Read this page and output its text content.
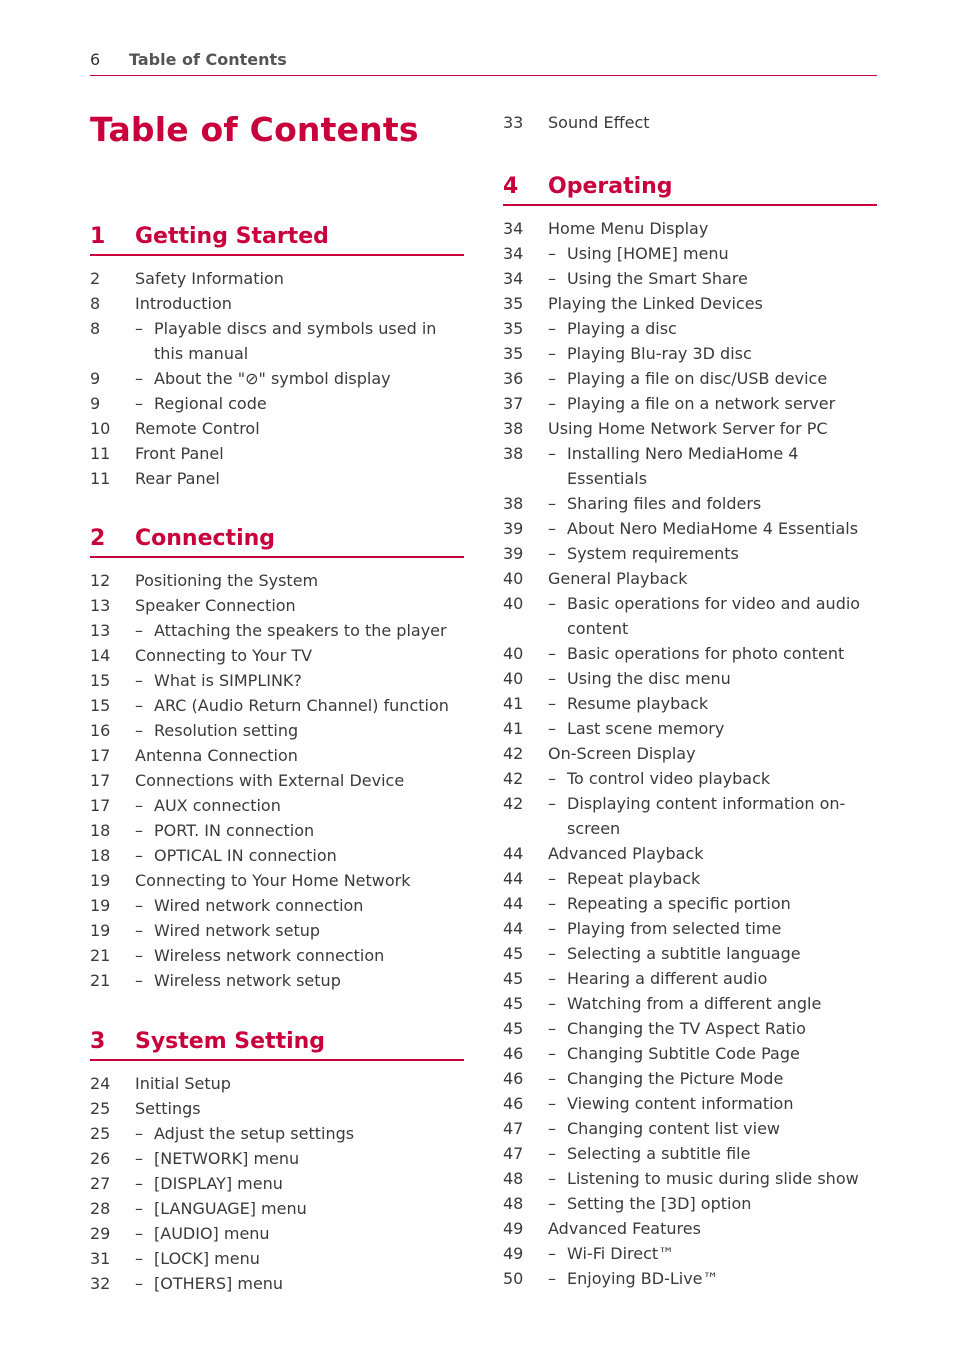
6 Table of Contents
Table of Contents
1 Getting Started
2	Safety Information
8	Introduction
8	– Playable discs and symbols used in this manual
9	– About the "⊘" symbol display
9	– Regional code
10	Remote Control
11	Front Panel
11	Rear Panel
2 Connecting
12	Positioning the System
13	Speaker Connection
13	– Attaching the speakers to the player
14	Connecting to Your TV
15	– What is SIMPLINK?
15	– ARC (Audio Return Channel) function
16	– Resolution setting
17	Antenna Connection
17	Connections with External Device
17	– AUX connection
18	– PORT. IN connection
18	– OPTICAL IN connection
19	Connecting to Your Home Network
19	– Wired network connection
19	– Wired network setup
21	– Wireless network connection
21	– Wireless network setup
3 System Setting
24	Initial Setup
25	Settings
25	– Adjust the setup settings
26	– [NETWORK] menu
27	– [DISPLAY] menu
28	– [LANGUAGE] menu
29	– [AUDIO] menu
31	– [LOCK] menu
32	– [OTHERS] menu
33	Sound Effect
4 Operating
34	Home Menu Display
34	– Using [HOME] menu
34	– Using the Smart Share
35	Playing the Linked Devices
35	– Playing a disc
35	– Playing Blu-ray 3D disc
36	– Playing a file on disc/USB device
37	– Playing a file on a network server
38	Using Home Network Server for PC
38	– Installing Nero MediaHome 4 Essentials
38	– Sharing files and folders
39	– About Nero MediaHome 4 Essentials
39	– System requirements
40	General Playback
40	– Basic operations for video and audio content
40	– Basic operations for photo content
40	– Using the disc menu
41	– Resume playback
41	– Last scene memory
42	On-Screen Display
42	– To control video playback
42	– Displaying content information on-screen
44	Advanced Playback
44	– Repeat playback
44	– Repeating a specific portion
44	– Playing from selected time
45	– Selecting a subtitle language
45	– Hearing a different audio
45	– Watching from a different angle
45	– Changing the TV Aspect Ratio
46	– Changing Subtitle Code Page
46	– Changing the Picture Mode
46	– Viewing content information
47	– Changing content list view
47	– Selecting a subtitle file
48	– Listening to music during slide show
48	– Setting the [3D] option
49	Advanced Features
49	– Wi-Fi Direct™
50	– Enjoying BD-Live™
